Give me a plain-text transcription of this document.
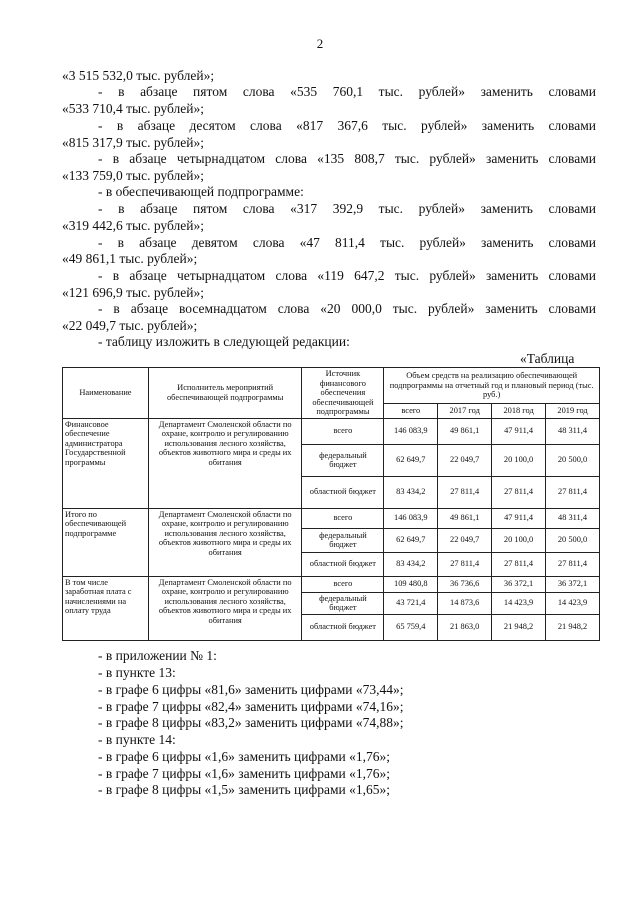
2
«3 515 532,0 тыс. рублей»;
- в абзаце пятом слова «535 760,1 тыс. рублей» заменить словами
«533 710,4 тыс. рублей»;
- в абзаце десятом слова «817 367,6 тыс. рублей» заменить словами
«815 317,9 тыс. рублей»;
- в абзаце четырнадцатом слова «135 808,7 тыс. рублей» заменить словами
«133 759,0 тыс. рублей»;
- в обеспечивающей подпрограмме:
- в абзаце пятом слова «317 392,9 тыс. рублей» заменить словами
«319 442,6 тыс. рублей»;
- в абзаце девятом слова «47 811,4 тыс. рублей» заменить словами
«49 861,1 тыс. рублей»;
- в абзаце четырнадцатом слова «119 647,2 тыс. рублей» заменить словами
«121 696,9 тыс. рублей»;
- в абзаце восемнадцатом слова «20 000,0 тыс. рублей» заменить словами
«22 049,7 тыс. рублей»;
- таблицу изложить в следующей редакции:
«Таблица
Наименование	Исполнитель мероприятий обеспечивающей подпрограммы	Источник финансового обеспечения обеспечивающей подпрограммы	Объем средств на реализацию обеспечивающей подпрограммы на отчетный год и плановый период (тыс. руб.)			
			всего	2017 год	2018 год	2019 год
Финансовое обеспечение администратора Государственной программы	Департамент Смоленской области по охране, контролю и регулированию использования лесного хозяйства, объектов животного мира и среды их обитания	всего	146 083,9	49 861,1	47 911,4	48 311,4
		федеральный бюджет	62 649,7	22 049,7	20 100,0	20 500,0
		областной бюджет	83 434,2	27 811,4	27 811,4	27 811,4
Итого по обеспечивающей подпрограмме	Департамент Смоленской области по охране, контролю и регулированию использования лесного хозяйства, объектов животного мира и среды их обитания	всего	146 083,9	49 861,1	47 911,4	48 311,4
		федеральный бюджет	62 649,7	22 049,7	20 100,0	20 500,0
		областной бюджет	83 434,2	27 811,4	27 811,4	27 811,4
В том числе заработная плата с начислениями на оплату труда	Департамент Смоленской области по охране, контролю и регулированию использования лесного хозяйства, объектов животного мира и среды их обитания	всего	109 480,8	36 736,6	36 372,1	36 372,1
		федеральный бюджет	43 721,4	14 873,6	14 423,9	14 423,9
		областной бюджет	65 759,4	21 863,0	21 948,2	21 948,2
- в приложении № 1:
- в пункте 13:
- в графе 6 цифры «81,6» заменить цифрами «73,44»;
- в графе 7 цифры «82,4» заменить цифрами «74,16»;
- в графе 8 цифры «83,2» заменить цифрами «74,88»;
- в пункте 14:
- в графе 6 цифры «1,6» заменить цифрами «1,76»;
- в графе 7 цифры «1,6» заменить цифрами «1,76»;
- в графе 8 цифры «1,5» заменить цифрами «1,65»;
